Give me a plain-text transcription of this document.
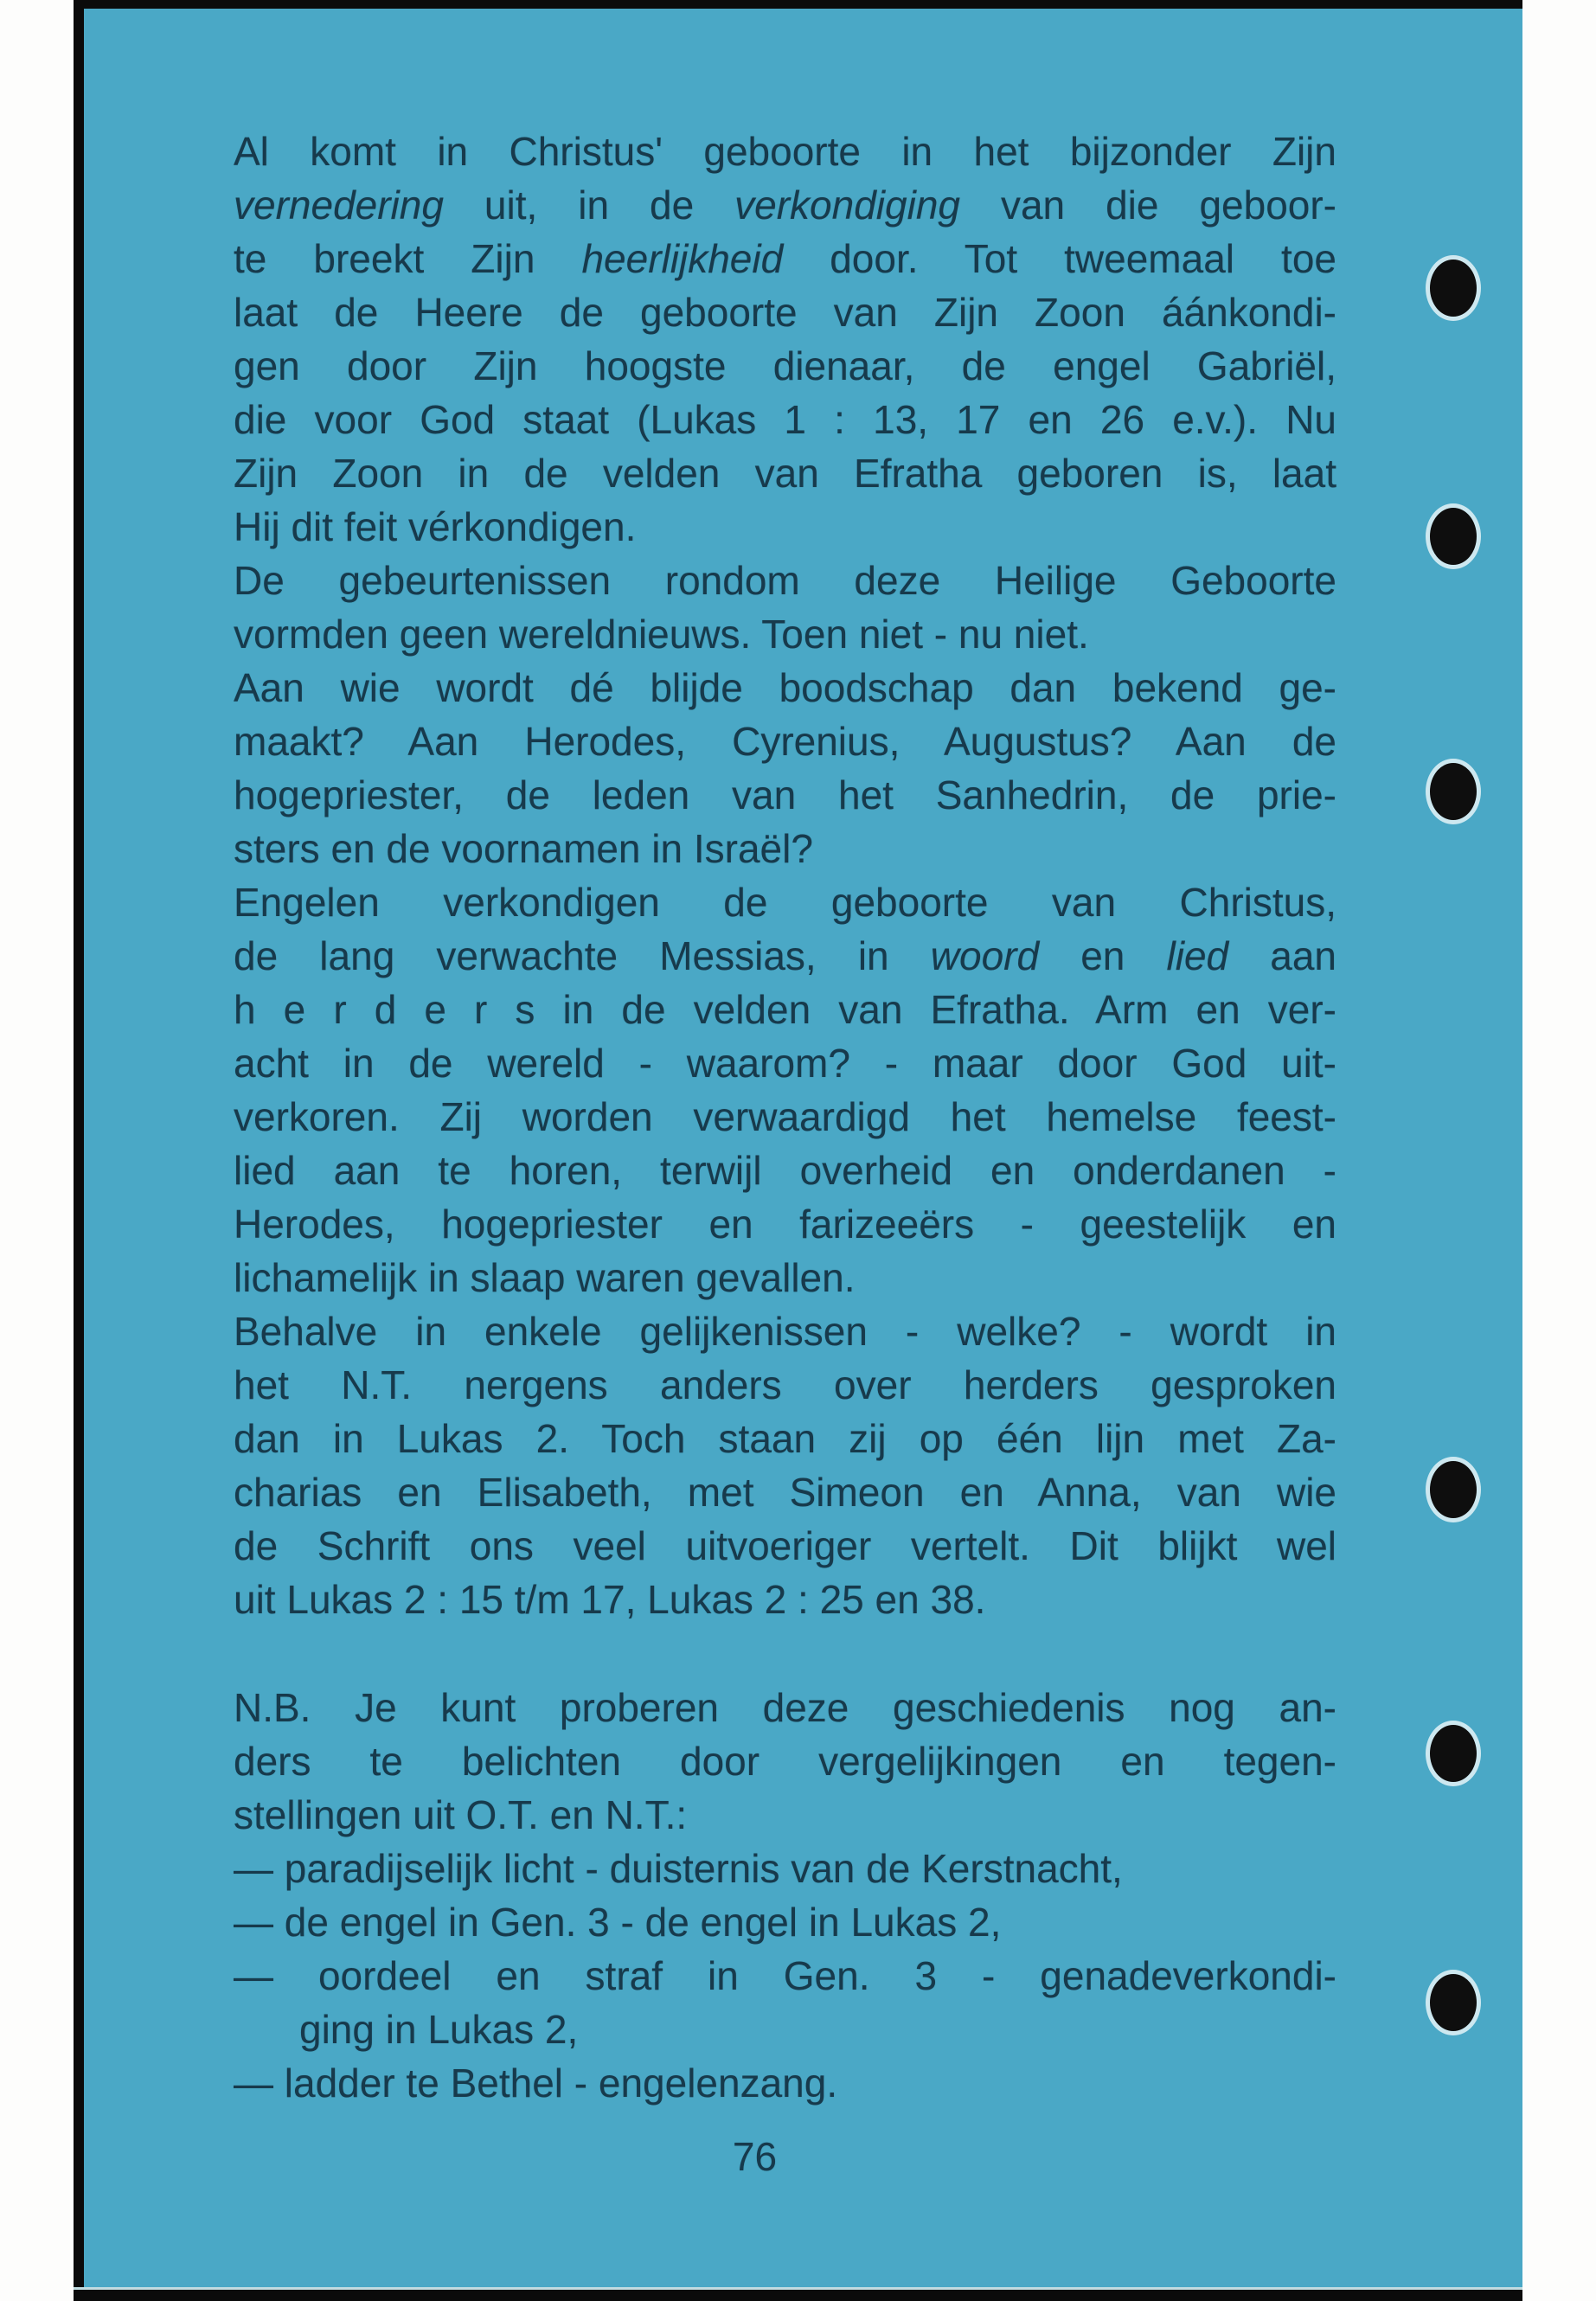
Al komt in Christus' geboorte in het bijzonder Zijn
vernedering uit, in de verkondiging van die geboor-
te breekt Zijn heerlijkheid door. Tot tweemaal toe
laat de Heere de geboorte van Zijn Zoon áánkondi-
gen door Zijn hoogste dienaar, de engel Gabriël,
die voor God staat (Lukas 1 : 13, 17 en 26 e.v.). Nu
Zijn Zoon in de velden van Efratha geboren is, laat
Hij dit feit vérkondigen.
De gebeurtenissen rondom deze Heilige Geboorte
vormden geen wereldnieuws. Toen niet - nu niet.
Aan wie wordt dé blijde boodschap dan bekend ge-
maakt? Aan Herodes, Cyrenius, Augustus? Aan de
hogepriester, de leden van het Sanhedrin, de prie-
sters en de voornamen in Israël?
Engelen verkondigen de geboorte van Christus,
de lang verwachte Messias, in woord en lied aan
h e r d e r s in de velden van Efratha. Arm en ver-
acht in de wereld - waarom? - maar door God uit-
verkoren. Zij worden verwaardigd het hemelse feest-
lied aan te horen, terwijl overheid en onderdanen -
Herodes, hogepriester en farizeeërs - geestelijk en
lichamelijk in slaap waren gevallen.
Behalve in enkele gelijkenissen - welke? - wordt in
het N.T. nergens anders over herders gesproken
dan in Lukas 2. Toch staan zij op één lijn met Za-
charias en Elisabeth, met Simeon en Anna, van wie
de Schrift ons veel uitvoeriger vertelt. Dit blijkt wel
uit Lukas 2 : 15 t/m 17, Lukas 2 : 25 en 38.
N.B. Je kunt proberen deze geschiedenis nog an-
ders te belichten door vergelijkingen en tegen-
stellingen uit O.T. en N.T.:
— paradijselijk licht - duisternis van de Kerstnacht,
— de engel in Gen. 3 - de engel in Lukas 2,
— oordeel en straf in Gen. 3 - genadeverkondi-
ging in Lukas 2,
— ladder te Bethel - engelenzang.
76
